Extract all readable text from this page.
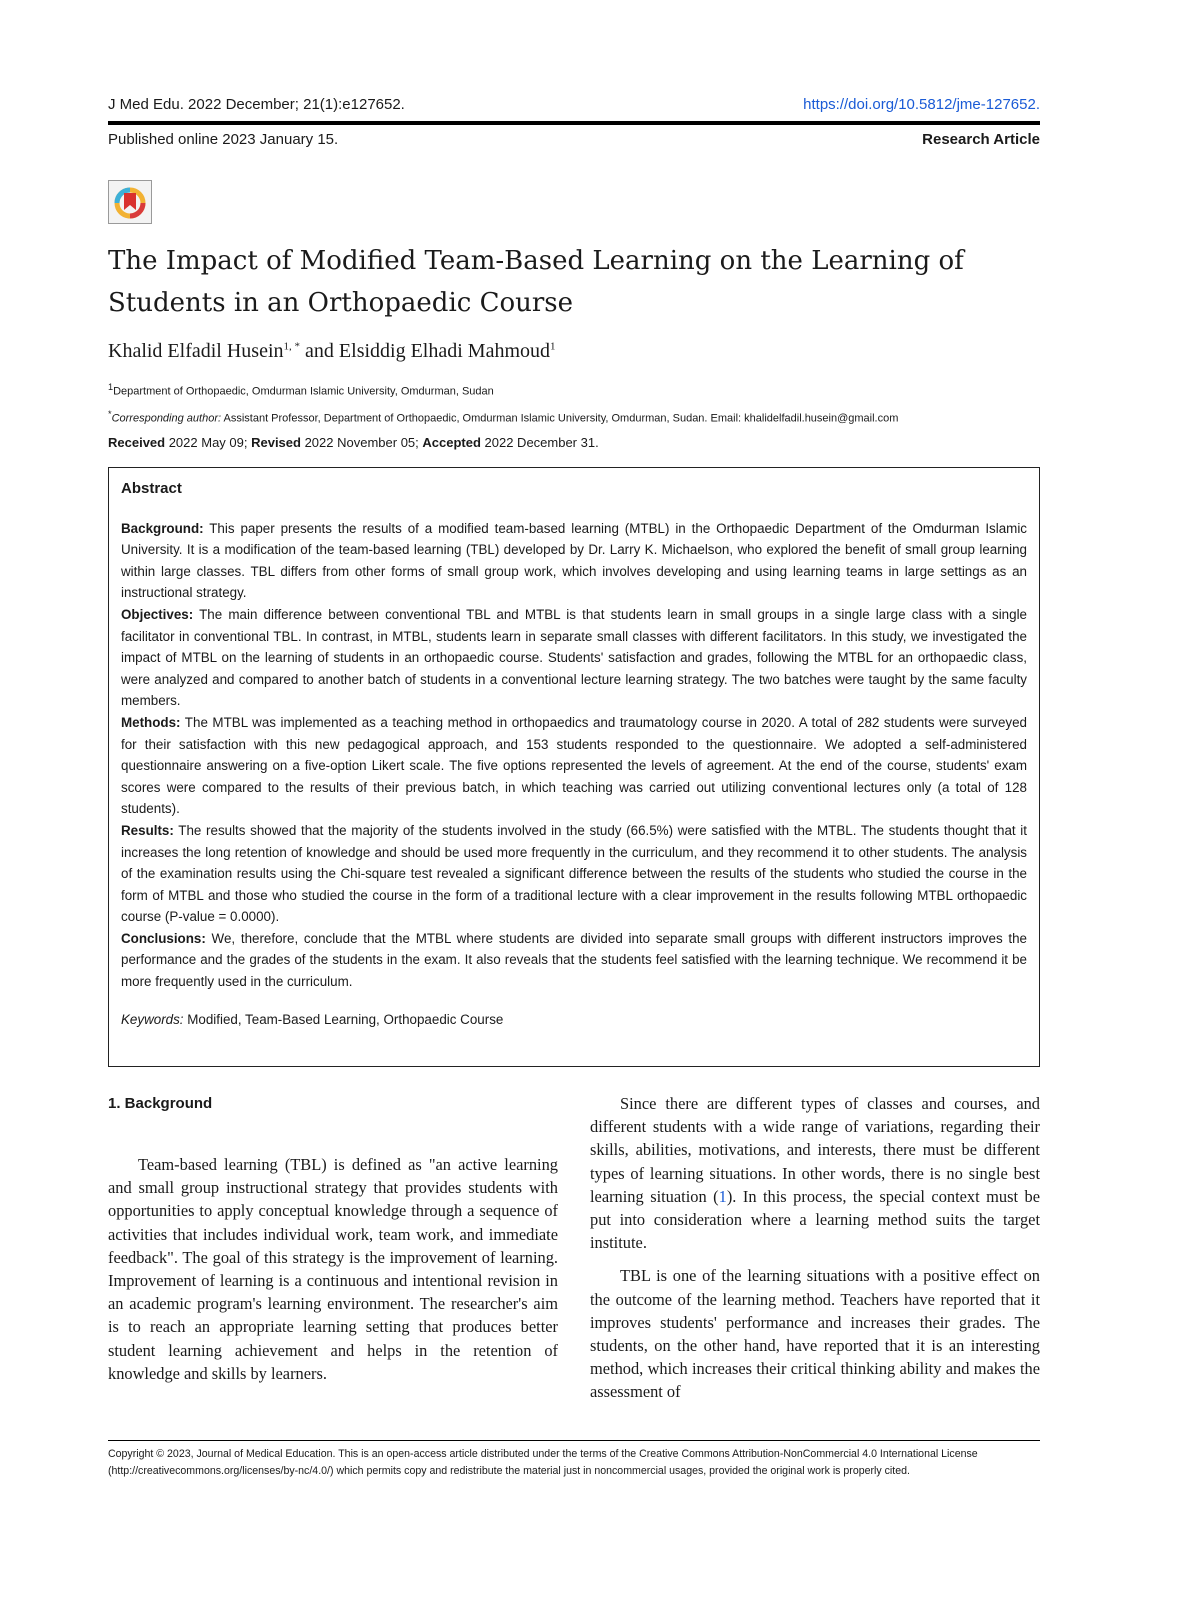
J Med Edu. 2022 December; 21(1):e127652.	https://doi.org/10.5812/jme-127652.
Published online 2023 January 15.	Research Article
The Impact of Modified Team-Based Learning on the Learning of Students in an Orthopaedic Course
Khalid Elfadil Husein$^{1, *}$ and Elsiddig Elhadi Mahmoud$^1$
$^1$Department of Orthopaedic, Omdurman Islamic University, Omdurman, Sudan
*Corresponding author: Assistant Professor, Department of Orthopaedic, Omdurman Islamic University, Omdurman, Sudan. Email: khalidelfadil.husein@gmail.com
Received 2022 May 09; Revised 2022 November 05; Accepted 2022 December 31.
Abstract

Background: This paper presents the results of a modified team-based learning (MTBL) in the Orthopaedic Department of the Omdurman Islamic University. It is a modification of the team-based learning (TBL) developed by Dr. Larry K. Michaelson, who explored the benefit of small group learning within large classes. TBL differs from other forms of small group work, which involves developing and using learning teams in large settings as an instructional strategy.

Objectives: The main difference between conventional TBL and MTBL is that students learn in small groups in a single large class with a single facilitator in conventional TBL. In contrast, in MTBL, students learn in separate small classes with different facilitators. In this study, we investigated the impact of MTBL on the learning of students in an orthopaedic course. Students' satisfaction and grades, following the MTBL for an orthopaedic class, were analyzed and compared to another batch of students in a conventional lecture learning strategy. The two batches were taught by the same faculty members.

Methods: The MTBL was implemented as a teaching method in orthopaedics and traumatology course in 2020. A total of 282 students were surveyed for their satisfaction with this new pedagogical approach, and 153 students responded to the questionnaire. We adopted a self-administered questionnaire answering on a five-option Likert scale. The five options represented the levels of agreement. At the end of the course, students' exam scores were compared to the results of their previous batch, in which teaching was carried out utilizing conventional lectures only (a total of 128 students).

Results: The results showed that the majority of the students involved in the study (66.5%) were satisfied with the MTBL. The students thought that it increases the long retention of knowledge and should be used more frequently in the curriculum, and they recommend it to other students. The analysis of the examination results using the Chi-square test revealed a significant difference between the results of the students who studied the course in the form of MTBL and those who studied the course in the form of a traditional lecture with a clear improvement in the results following MTBL orthopaedic course (P-value = 0.0000).

Conclusions: We, therefore, conclude that the MTBL where students are divided into separate small groups with different instructors improves the performance and the grades of the students in the exam. It also reveals that the students feel satisfied with the learning technique. We recommend it be more frequently used in the curriculum.

Keywords: Modified, Team-Based Learning, Orthopaedic Course

1. Background

Team-based learning (TBL) is defined as "an active learning and small group instructional strategy that provides students with opportunities to apply conceptual knowledge through a sequence of activities that includes individual work, team work, and immediate feedback". The goal of this strategy is the improvement of learning. Improvement of learning is a continuous and intentional revision in an academic program's learning environment. The researcher's aim is to reach an appropriate learning setting that produces better student learning achievement and helps in the retention of knowledge and skills by learners.

Since there are different types of classes and courses, and different students with a wide range of variations, regarding their skills, abilities, motivations, and interests, there must be different types of learning situations. In other words, there is no single best learning situation (1). In this process, the special context must be put into consideration where a learning method suits the target institute.

TBL is one of the learning situations with a positive effect on the outcome of the learning method. Teachers have reported that it improves students' performance and increases their grades. The students, on the other hand, have reported that it is an interesting method, which increases their critical thinking ability and makes the assessment of

Copyright © 2023, Journal of Medical Education. This is an open-access article distributed under the terms of the Creative Commons Attribution-NonCommercial 4.0 International License (http://creativecommons.org/licenses/by-nc/4.0/) which permits copy and redistribute the material just in noncommercial usages, provided the original work is properly cited.
